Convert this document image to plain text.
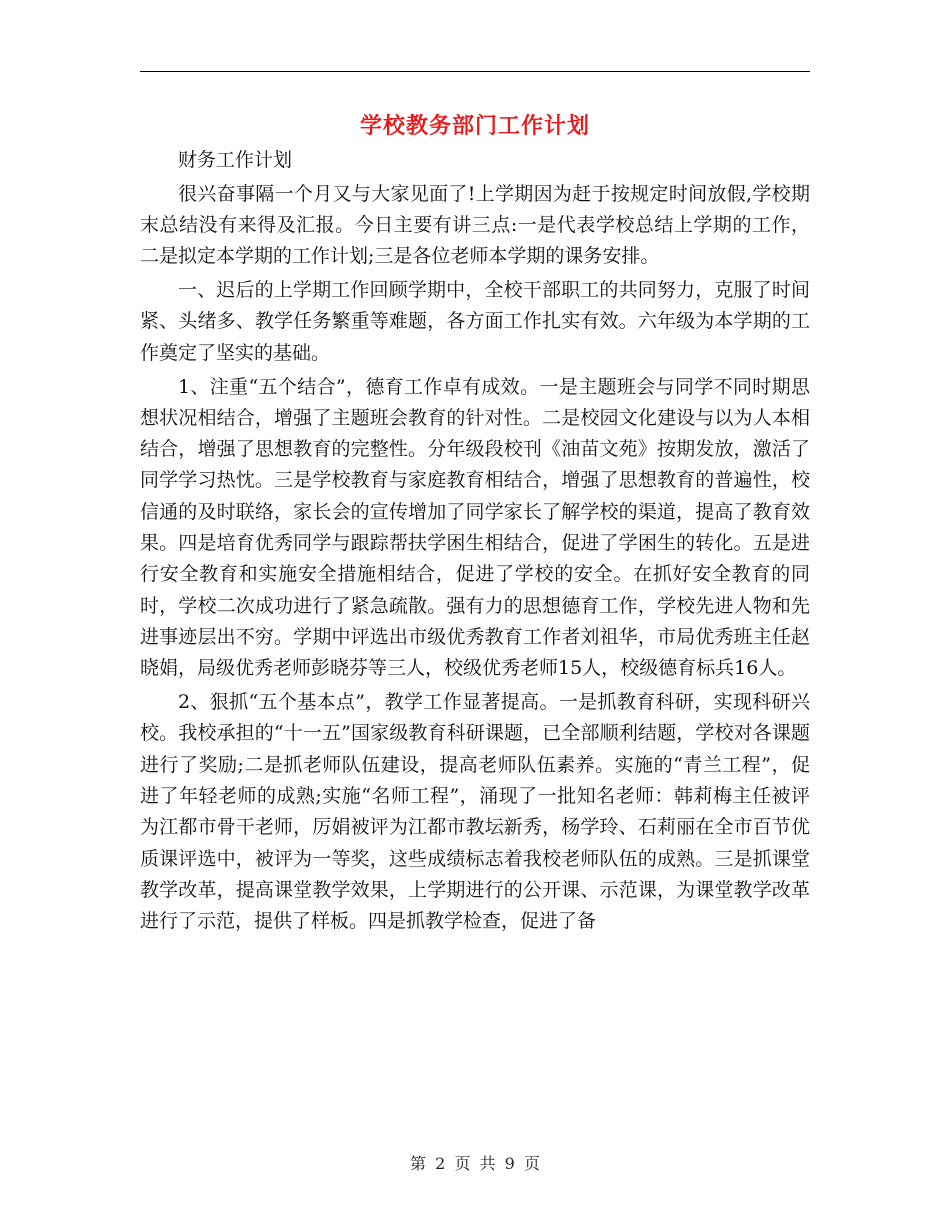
学校教务部门工作计划

财务工作计划

很兴奋事隔一个月又与大家见面了!上学期因为赶于按规定时间放假,学校期末总结没有来得及汇报。今日主要有讲三点:一是代表学校总结上学期的工作，二是拟定本学期的工作计划;三是各位老师本学期的课务安排。

一、迟后的上学期工作回顾学期中，全校干部职工的共同努力，克服了时间紧、头绪多、教学任务繁重等难题，各方面工作扎实有效。六年级为本学期的工作奠定了坚实的基础。

1、注重“五个结合”，德育工作卓有成效。一是主题班会与同学不同时期思想状况相结合，增强了主题班会教育的针对性。二是校园文化建设与以为人本相结合，增强了思想教育的完整性。分年级段校刊《油苗文苑》按期发放，激活了同学学习热忱。三是学校教育与家庭教育相结合，增强了思想教育的普遍性，校信通的及时联络，家长会的宣传增加了同学家长了解学校的渠道，提高了教育效果。四是培育优秀同学与跟踪帮扶学困生相结合，促进了学困生的转化。五是进行安全教育和实施安全措施相结合，促进了学校的安全。在抓好安全教育的同时，学校二次成功进行了紧急疏散。强有力的思想德育工作，学校先进人物和先进事迹层出不穷。学期中评选出市级优秀教育工作者刘祖华，市局优秀班主任赵晓娟，局级优秀老师彭晓芬等三人，校级优秀老师15人，校级德育标兵16人。

2、狠抓“五个基本点”，教学工作显著提高。一是抓教育科研，实现科研兴校。我校承担的“十一五”国家级教育科研课题，已全部顺利结题，学校对各课题进行了奖励;二是抓老师队伍建设，提高老师队伍素养。实施的“青兰工程”，促进了年轻老师的成熟;实施“名师工程”，涌现了一批知名老师：韩莉梅主任被评为江都市骨干老师，厉娟被评为江都市教坛新秀，杨学玲、石莉丽在全市百节优质课评选中，被评为一等奖，这些成绩标志着我校老师队伍的成熟。三是抓课堂教学改革，提高课堂教学效果，上学期进行的公开课、示范课，为课堂教学改革进行了示范，提供了样板。四是抓教学检查，促进了备

第 2 页 共 9 页
